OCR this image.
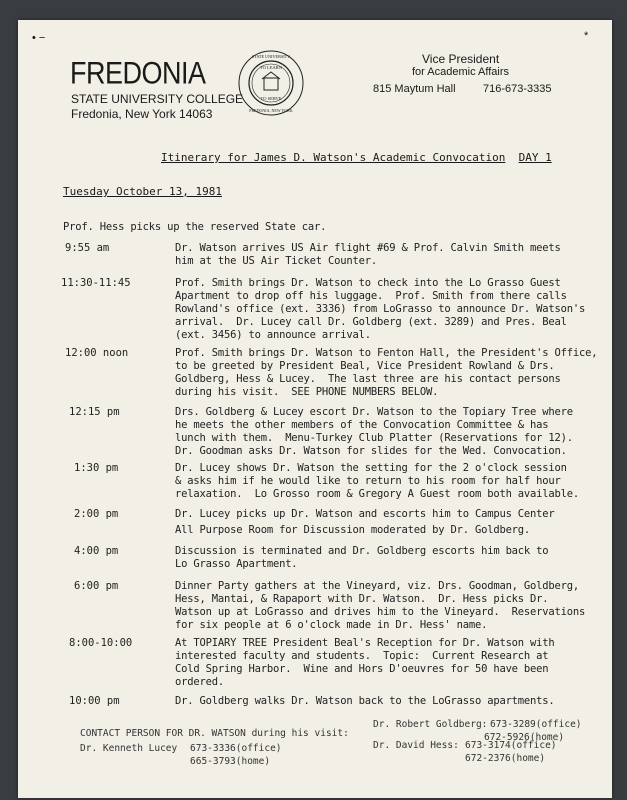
• −	*
FREDONIA
STATE UNIVERSITY COLLEGE
Fredonia, New York 14063
STATE UNIVERSITY
TO LEARN
TO SERVE
FREDONIA, NEW YORK
Vice President
for Academic Affairs
815 Maytum Hall 716-673-3335
Itinerary for James D. Watson's Academic Convocation DAY 1
Tuesday October 13, 1981
Prof. Hess picks up the reserved State car.
9:55 am	Dr. Watson arrives US Air flight #69 & Prof. Calvin Smith meets
him at the US Air Ticket Counter.
11:30-11:45	Prof. Smith brings Dr. Watson to check into the Lo Grasso Guest
Apartment to drop off his luggage.  Prof. Smith from there calls
Rowland's office (ext. 3336) from LoGrasso to announce Dr. Watson's
arrival.  Dr. Lucey call Dr. Goldberg (ext. 3289) and Pres. Beal
(ext. 3456) to announce arrival.
12:00 noon	Prof. Smith brings Dr. Watson to Fenton Hall, the President's Office,
to be greeted by President Beal, Vice President Rowland & Drs.
Goldberg, Hess & Lucey.  The last three are his contact persons
during his visit.  SEE PHONE NUMBERS BELOW.
12:15 pm	Drs. Goldberg & Lucey escort Dr. Watson to the Topiary Tree where
he meets the other members of the Convocation Committee & has
lunch with them.  Menu-Turkey Club Platter (Reservations for 12).
Dr. Goodman asks Dr. Watson for slides for the Wed. Convocation.
1:30 pm	Dr. Lucey shows Dr. Watson the setting for the 2 o'clock session
& asks him if he would like to return to his room for half hour
relaxation.  Lo Grosso room & Gregory A Guest room both available.
2:00 pm	Dr. Lucey picks up Dr. Watson and escorts him to Campus Center
All Purpose Room for Discussion moderated by Dr. Goldberg.
4:00 pm	Discussion is terminated and Dr. Goldberg escorts him back to
Lo Grasso Apartment.
6:00 pm	Dinner Party gathers at the Vineyard, viz. Drs. Goodman, Goldberg,
Hess, Mantai, & Rapaport with Dr. Watson.  Dr. Hess picks Dr.
Watson up at LoGrasso and drives him to the Vineyard.  Reservations
for six people at 6 o'clock made in Dr. Hess' name.
8:00-10:00	At TOPIARY TREE President Beal's Reception for Dr. Watson with
interested faculty and students.  Topic:  Current Research at
Cold Spring Harbor.  Wine and Hors D'oeuvres for 50 have been
ordered.
10:00 pm	Dr. Goldberg walks Dr. Watson back to the LoGrasso apartments.
CONTACT PERSON FOR DR. WATSON during his visit:
Dr. Kenneth Lucey 673-3336(office)
665-3793(home)
Dr. Robert Goldberg: 673-3289(office)
672-5926(home)
Dr. David Hess: 673-3174(office)
672-2376(home)
